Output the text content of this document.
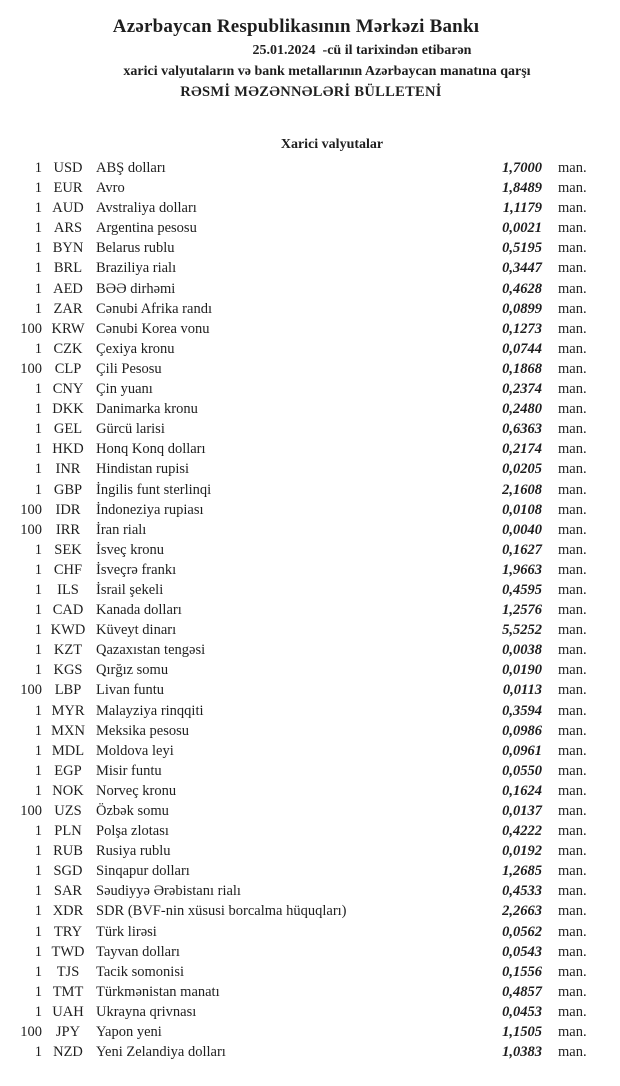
Azərbaycan Respublikasının Mərkəzi Bankı
25.01.2024  -cü il tarixindən etibarən
xarici valyutaların və bank metallarının Azərbaycan manatına qarşı
RƏSMİ MƏZƏNNƏLƏRİ BÜLLETENİ
Xarici valyutalar
1 USD ABŞ dolları	1,7000	man.
1 EUR Avro	1,8489	man.
1 AUD Avstraliya dolları	1,1179	man.
1 ARS Argentina pesosu	0,0021	man.
1 BYN Belarus rublu	0,5195	man.
1 BRL Braziliya rialı	0,3447	man.
1 AED BƏƏ dirhəmi	0,4628	man.
1 ZAR Cənubi Afrika randı	0,0899	man.
100 KRW Cənubi Korea vonu	0,1273	man.
1 CZK Çexiya kronu	0,0744	man.
100 CLP	Çili Pesosu	0,1868	man.
1 CNY Çin yuanı	0,2374	man.
1 DKK Danimarka kronu	0,2480	man.
1 GEL Gürcü larisi	0,6363	man.
1 HKD Honq Konq dolları	0,2174	man.
1 INR	Hindistan rupisi	0,0205	man.
1 GBP İngilis funt sterlinqi	2,1608	man.
100 IDR	İndoneziya rupiası	0,0108	man.
100 IRR	İran rialı	0,0040	man.
1 SEK İsveç kronu	0,1627	man.
1 CHF İsveçrə frankı	1,9663	man.
1	ILS	İsrail şekeli	0,4595	man.
1 CAD Kanada dolları	1,2576	man.
1 KWD Küveyt dinarı	5,5252	man.
1 KZT Qazaxıstan tengəsi	0,0038	man.
1 KGS Qırğız somu	0,0190	man.
100 LBP	Livan funtu	0,0113	man.
1 MYR Malayziya rinqqiti	0,3594	man.
1 MXN Meksika pesosu	0,0986	man.
1 MDL Moldova leyi	0,0961	man.
1 EGP Misir funtu	0,0550	man.
1 NOK Norveç kronu	0,1624	man.
100 UZS Özbək somu	0,0137	man.
1 PLN Polşa zlotası	0,4222	man.
1 RUB Rusiya rublu	0,0192	man.
1 SGD Sinqapur dolları	1,2685	man.
1 SAR Səudiyyə Ərəbistanı rialı	0,4533	man.
1 XDR SDR (BVF-nin xüsusi borcalma hüquqları)	2,2663	man.
1 TRY Türk lirəsi	0,0562	man.
1 TWD Tayvan dolları	0,0543	man.
1	TJS	Tacik somonisi	0,1556	man.
1 TMT Türkmənistan manatı	0,4857	man.
1 UAH Ukrayna qrivnası	0,0453	man.
100 JPY	Yapon yeni	1,1505	man.
1 NZD Yeni Zelandiya dolları	1,0383	man.
